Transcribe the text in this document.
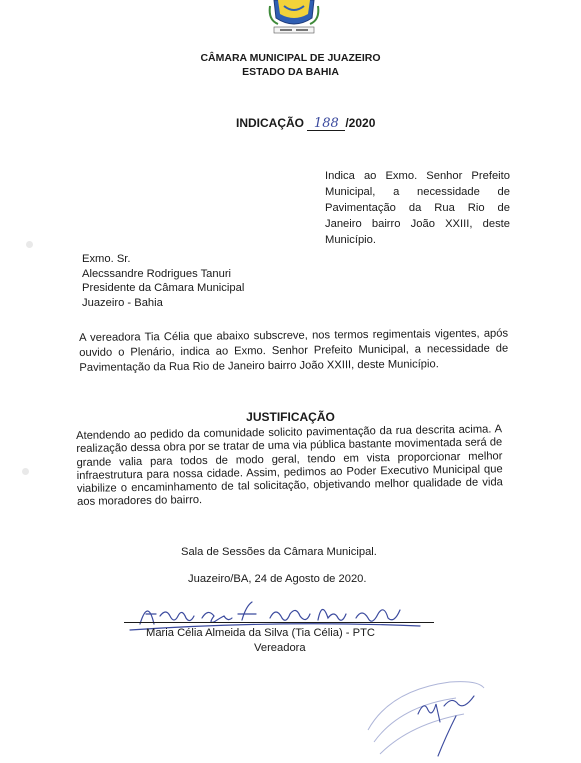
CÂMARA MUNICIPAL DE JUAZEIRO
ESTADO DA BAHIA
INDICAÇÃO 188 /2020
Indica ao Exmo. Senhor Prefeito Municipal, a necessidade de Pavimentação da Rua Rio de Janeiro bairro João XXIII, deste Município.
Exmo. Sr.
Alecssandre Rodrigues Tanuri
Presidente da Câmara Municipal
Juazeiro - Bahia
A vereadora Tia Célia que abaixo subscreve, nos termos regimentais vigentes, após ouvido o Plenário, indica ao Exmo. Senhor Prefeito Municipal, a necessidade de Pavimentação da Rua Rio de Janeiro bairro João XXIII, deste Município.
JUSTIFICAÇÃO
Atendendo ao pedido da comunidade solicito pavimentação da rua descrita acima. A realização dessa obra por se tratar de uma via pública bastante movimentada será de grande valia para todos de modo geral, tendo em vista proporcionar melhor infraestrutura para nossa cidade. Assim, pedimos ao Poder Executivo Municipal que viabilize o encaminhamento de tal solicitação, objetivando melhor qualidade de vida aos moradores do bairro.
Sala de Sessões da Câmara Municipal.
Juazeiro/BA, 24 de Agosto de 2020.
Maria Célia Almeida da Silva (Tia Célia) - PTC
Vereadora
